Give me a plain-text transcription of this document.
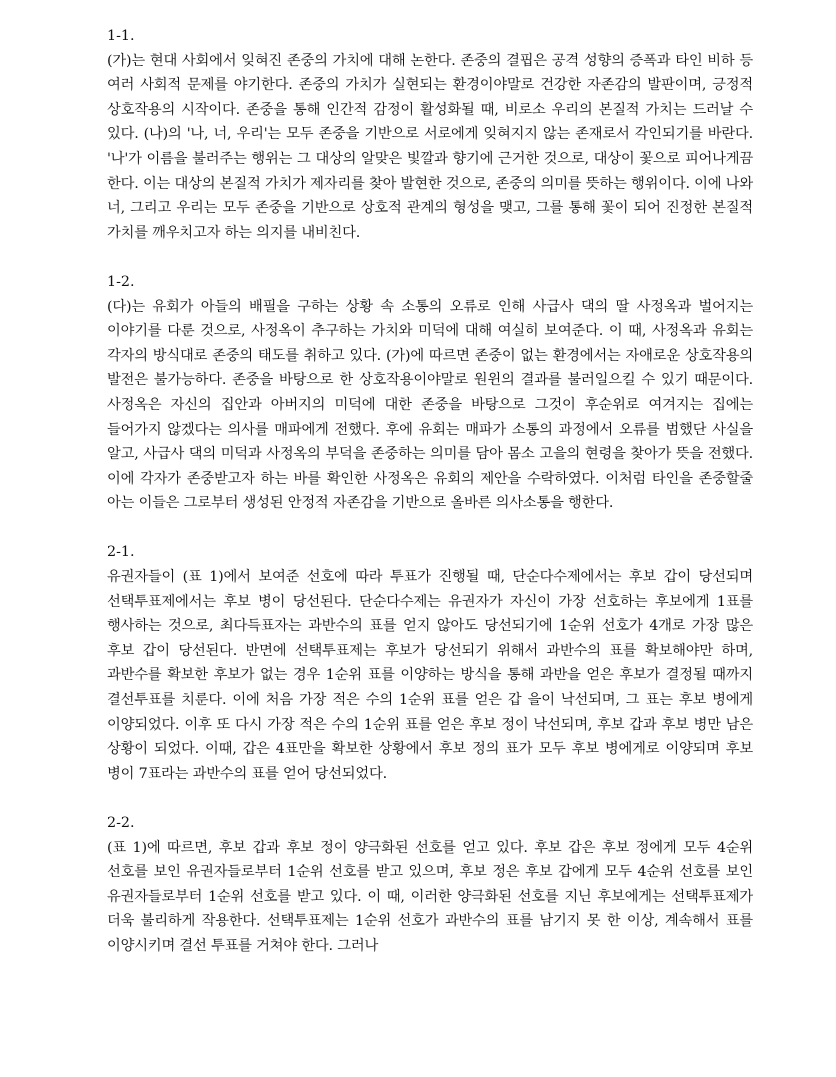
1-1.

(가)는 현대 사회에서 잊혀진 존중의 가치에 대해 논한다. 존중의 결핍은 공격 성향의 증폭과 타인 비하 등 여러 사회적 문제를 야기한다. 존중의 가치가 실현되는 환경이야말로 건강한 자존감의 발판이며, 긍정적 상호작용의 시작이다. 존중을 통해 인간적 감정이 활성화될 때, 비로소 우리의 본질적 가치는 드러날 수 있다. (나)의 '나, 너, 우리'는 모두 존중을 기반으로 서로에게 잊혀지지 않는 존재로서 각인되기를 바란다. '나'가 이름을 불러주는 행위는 그 대상의 알맞은 빛깔과 향기에 근거한 것으로, 대상이 꽃으로 피어나게끔 한다. 이는 대상의 본질적 가치가 제자리를 찾아 발현한 것으로, 존중의 의미를 뜻하는 행위이다. 이에 나와 너, 그리고 우리는 모두 존중을 기반으로 상호적 관계의 형성을 맺고, 그를 통해 꽃이 되어 진정한 본질적 가치를 깨우치고자 하는 의지를 내비친다.

1-2.

(다)는 유회가 아들의 배필을 구하는 상황 속 소통의 오류로 인해 사급사 댁의 딸 사정옥과 벌어지는 이야기를 다룬 것으로, 사정옥이 추구하는 가치와 미덕에 대해 여실히 보여준다. 이 때, 사정옥과 유회는 각자의 방식대로 존중의 태도를 취하고 있다. (가)에 따르면 존중이 없는 환경에서는 자애로운 상호작용의 발전은 불가능하다. 존중을 바탕으로 한 상호작용이야말로 원윈의 결과를 불러일으킬 수 있기 때문이다. 사정옥은 자신의 집안과 아버지의 미덕에 대한 존중을 바탕으로 그것이 후순위로 여겨지는 집에는 들어가지 않겠다는 의사를 매파에게 전했다. 후에 유회는 매파가 소통의 과정에서 오류를 범했단 사실을 알고, 사급사 댁의 미덕과 사정옥의 부덕을 존중하는 의미를 담아 몸소 고을의 현령을 찾아가 뜻을 전했다. 이에 각자가 존중받고자 하는 바를 확인한 사정옥은 유회의 제안을 수락하였다. 이처럼 타인을 존중할줄 아는 이들은 그로부터 생성된 안정적 자존감을 기반으로 올바른 의사소통을 행한다.

2-1.

유권자들이 (표 1)에서 보여준 선호에 따라 투표가 진행될 때, 단순다수제에서는 후보 갑이 당선되며 선택투표제에서는 후보 병이 당선된다. 단순다수제는 유권자가 자신이 가장 선호하는 후보에게 1표를 행사하는 것으로, 최다득표자는 과반수의 표를 얻지 않아도 당선되기에 1순위 선호가 4개로 가장 많은 후보 갑이 당선된다. 반면에 선택투표제는 후보가 당선되기 위해서 과반수의 표를 확보해야만 하며, 과반수를 확보한 후보가 없는 경우 1순위 표를 이양하는 방식을 통해 과반을 얻은 후보가 결정될 때까지 결선투표를 치룬다. 이에 처음 가장 적은 수의 1순위 표를 얻은 갑 을이 낙선되며, 그 표는 후보 병에게 이양되었다. 이후 또 다시 가장 적은 수의 1순위 표를 얻은 후보 정이 낙선되며, 후보 갑과 후보 병만 남은 상황이 되었다. 이때, 갑은 4표만을 확보한 상황에서 후보 정의 표가 모두 후보 병에게로 이양되며 후보 병이 7표라는 과반수의 표를 얻어 당선되었다.

2-2.

(표 1)에 따르면, 후보 갑과 후보 정이 양극화된 선호를 얻고 있다. 후보 갑은 후보 정에게 모두 4순위 선호를 보인 유권자들로부터 1순위 선호를 받고 있으며, 후보 정은 후보 갑에게 모두 4순위 선호를 보인 유권자들로부터 1순위 선호를 받고 있다. 이 때, 이러한 양극화된 선호를 지닌 후보에게는 선택투표제가 더욱 불리하게 작용한다. 선택투표제는 1순위 선호가 과반수의 표를 남기지 못 한 이상, 계속해서 표를 이양시키며 결선 투표를 거쳐야 한다. 그러나
